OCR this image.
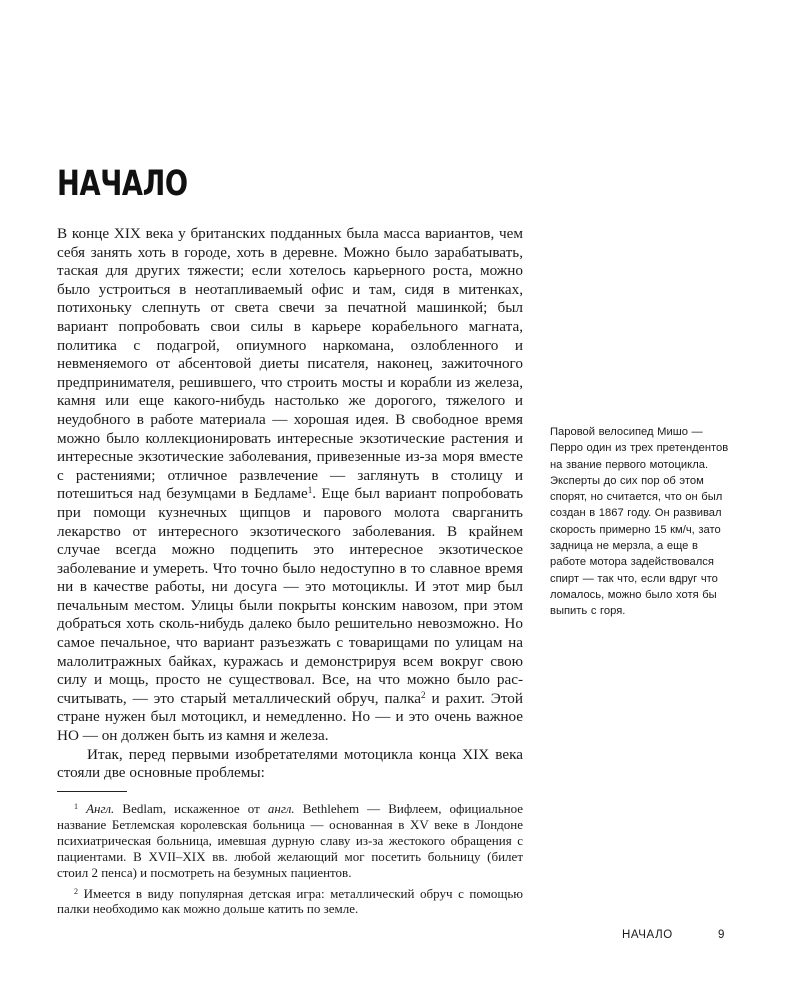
НАЧАЛО

В конце XIX века у британских подданных была масса вариантов, чем себя занять хоть в городе, хоть в деревне. Можно было зарабатывать, таская для других тяжести; если хотелось карьерного роста, можно было устроиться в неотапливаемый офис и там, сидя в митенках, потихоньку слепнуть от света свечи за печатной машинкой; был вариант попробовать свои силы в карьере корабельного магната, политика с подагрой, опиумного наркомана, озлобленного и невменяемого от абсентовой диеты писателя, наконец, зажиточного предпринимателя, решившего, что строить мосты и корабли из железа, камня или еще какого-нибудь настолько же дорогого, тяжелого и неудобного в работе материала — хорошая идея. В свободное время можно было коллекционировать интересные экзотические растения и интересные экзотические заболевания, привезенные из-за моря вместе с растениями; отличное развлечение — заглянуть в столицу и потешиться над безумцами в Бедламе$^1$. Еще был вариант попробовать при помощи кузнечных щипцов и парового молота сварганить лекарство от интересного экзотического заболевания. В крайнем случае всегда можно подцепить это интересное экзотическое заболевание и умереть. Что точно было недоступно в то славное время ни в качестве работы, ни досуга — это мотоциклы. И этот мир был печальным местом. Улицы были покрыты конским навозом, при этом добраться хоть сколь-нибудь далеко было решительно невозможно. Но самое печальное, что вариант разъезжать с товарищами по улицам на малолитражных байках, куражась и демонстрируя всем вокруг свою силу и мощь, просто не существовал. Все, на что можно было рассчитывать, — это старый металлический обруч, палка$^2$ и рахит. Этой стране нужен был мотоцикл, и немедленно. Но — и это очень важное НО — он должен быть из камня и железа.

Итак, перед первыми изобретателями мотоцикла конца XIX века стояли две основные проблемы:

$^1$ Англ. Bedlam, искаженное от англ. Bethlehem — Вифлеем, официальное название Бетлемская королевская больница — основанная в XV веке в Лондоне психиатрическая больница, имевшая дурную славу из-за жестокого обращения с пациентами. В XVII–XIX вв. любой желающий мог посетить больницу (билет стоил 2 пенса) и посмотреть на безумных пациентов.

$^2$ Имеется в виду популярная детская игра: металлический обруч с помощью палки необходимо как можно дольше катить по земле.

Паровой велосипед Мишо — Перро один из трех претендентов на звание первого мотоцикла. Эксперты до сих пор об этом спорят, но считается, что он был создан в 1867 году. Он развивал скорость примерно 15 км/ч, зато задница не мерзла, а еще в работе мотора задействовался спирт — так что, если вдруг что ломалось, можно было хотя бы выпить с горя.
НАЧАЛО	9
